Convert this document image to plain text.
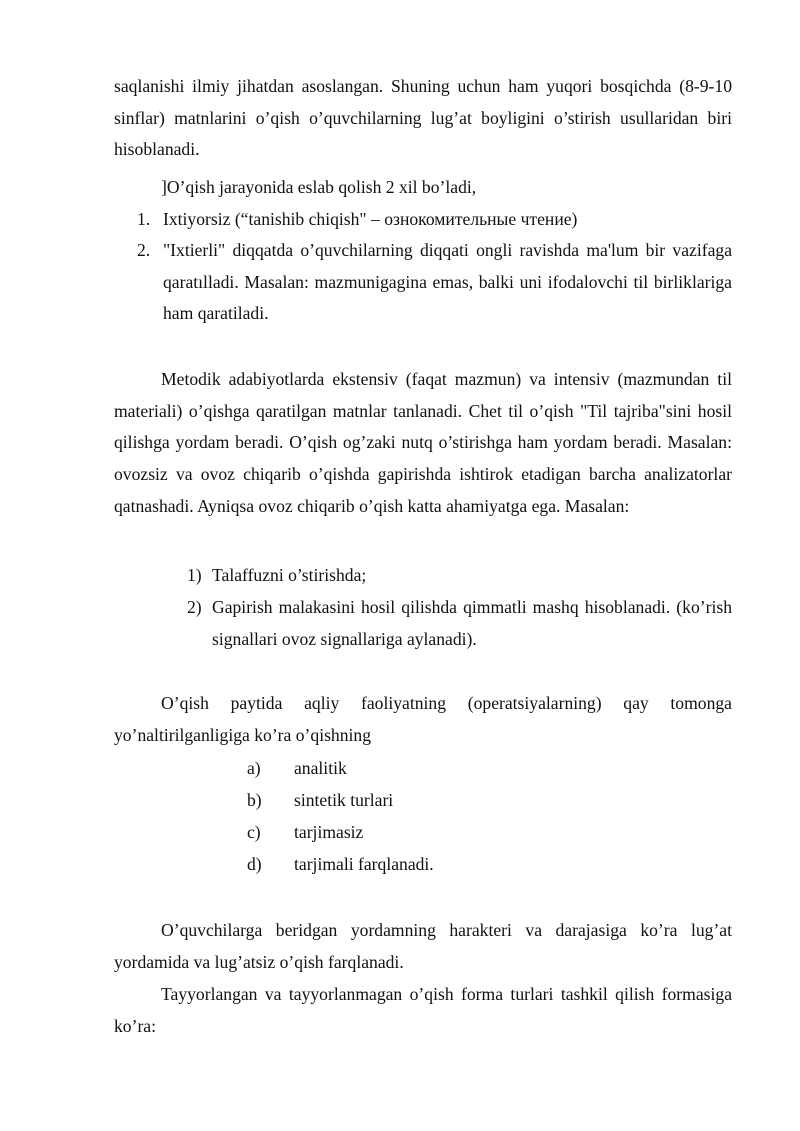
saqlanishi ilmiy jihatdan asoslangan. Shuning uchun ham yuqori bosqichda (8-9-10 sinflar) matnlarini o’qish o’quvchilarning lug’at boyligini o’stirish usullaridan biri hisoblanadi.

]O’qish jarayonida eslab qolish 2 xil bo’ladi,
1. Ixtiyorsiz (“tanishib chiqish" – ознокомительные чтение)
2. "Ixtierli" diqqatda o’quvchilarning diqqati ongli ravishda ma'lum bir vazifaga qaratılladi. Masalan: mazmunigagina emas, balki uni ifodalovchi til birliklariga ham qaratiladi.

Metodik adabiyotlarda ekstensiv (faqat mazmun) va intensiv (mazmundan til materiali) o’qishga qaratilgan matnlar tanlanadi. Chet til o’qish "Til tajriba"sini hosil qilishga yordam beradi. O’qish og’zaki nutq o’stirishga ham yordam beradi. Masalan: ovozsiz va ovoz chiqarib o’qishda gapirishda ishtirok etadigan barcha analizatorlar qatnashadi. Ayniqsa ovoz chiqarib o’qish katta ahamiyatga ega. Masalan:

1) Talaffuzni o’stirishda;
2) Gapirish malakasini hosil qilishda qimmatli mashq hisoblanadi. (ko’rish signallari ovoz signallariga aylanadi).

O’qish paytida aqliy faoliyatning (operatsiyalarning) qay tomonga yo’naltirilganligiga ko’ra o’qishning

a) analitik
b) sintetik turlari
c) tarjimasiz
d) tarjimali farqlanadi.

O’quvchilarga beridgan yordamning harakteri va darajasiga ko’ra lug’at yordamida va lug’atsiz o’qish farqlanadi.

Tayyorlangan va tayyorlanmagan o’qish forma turlari tashkil qilish formasiga ko’ra:
